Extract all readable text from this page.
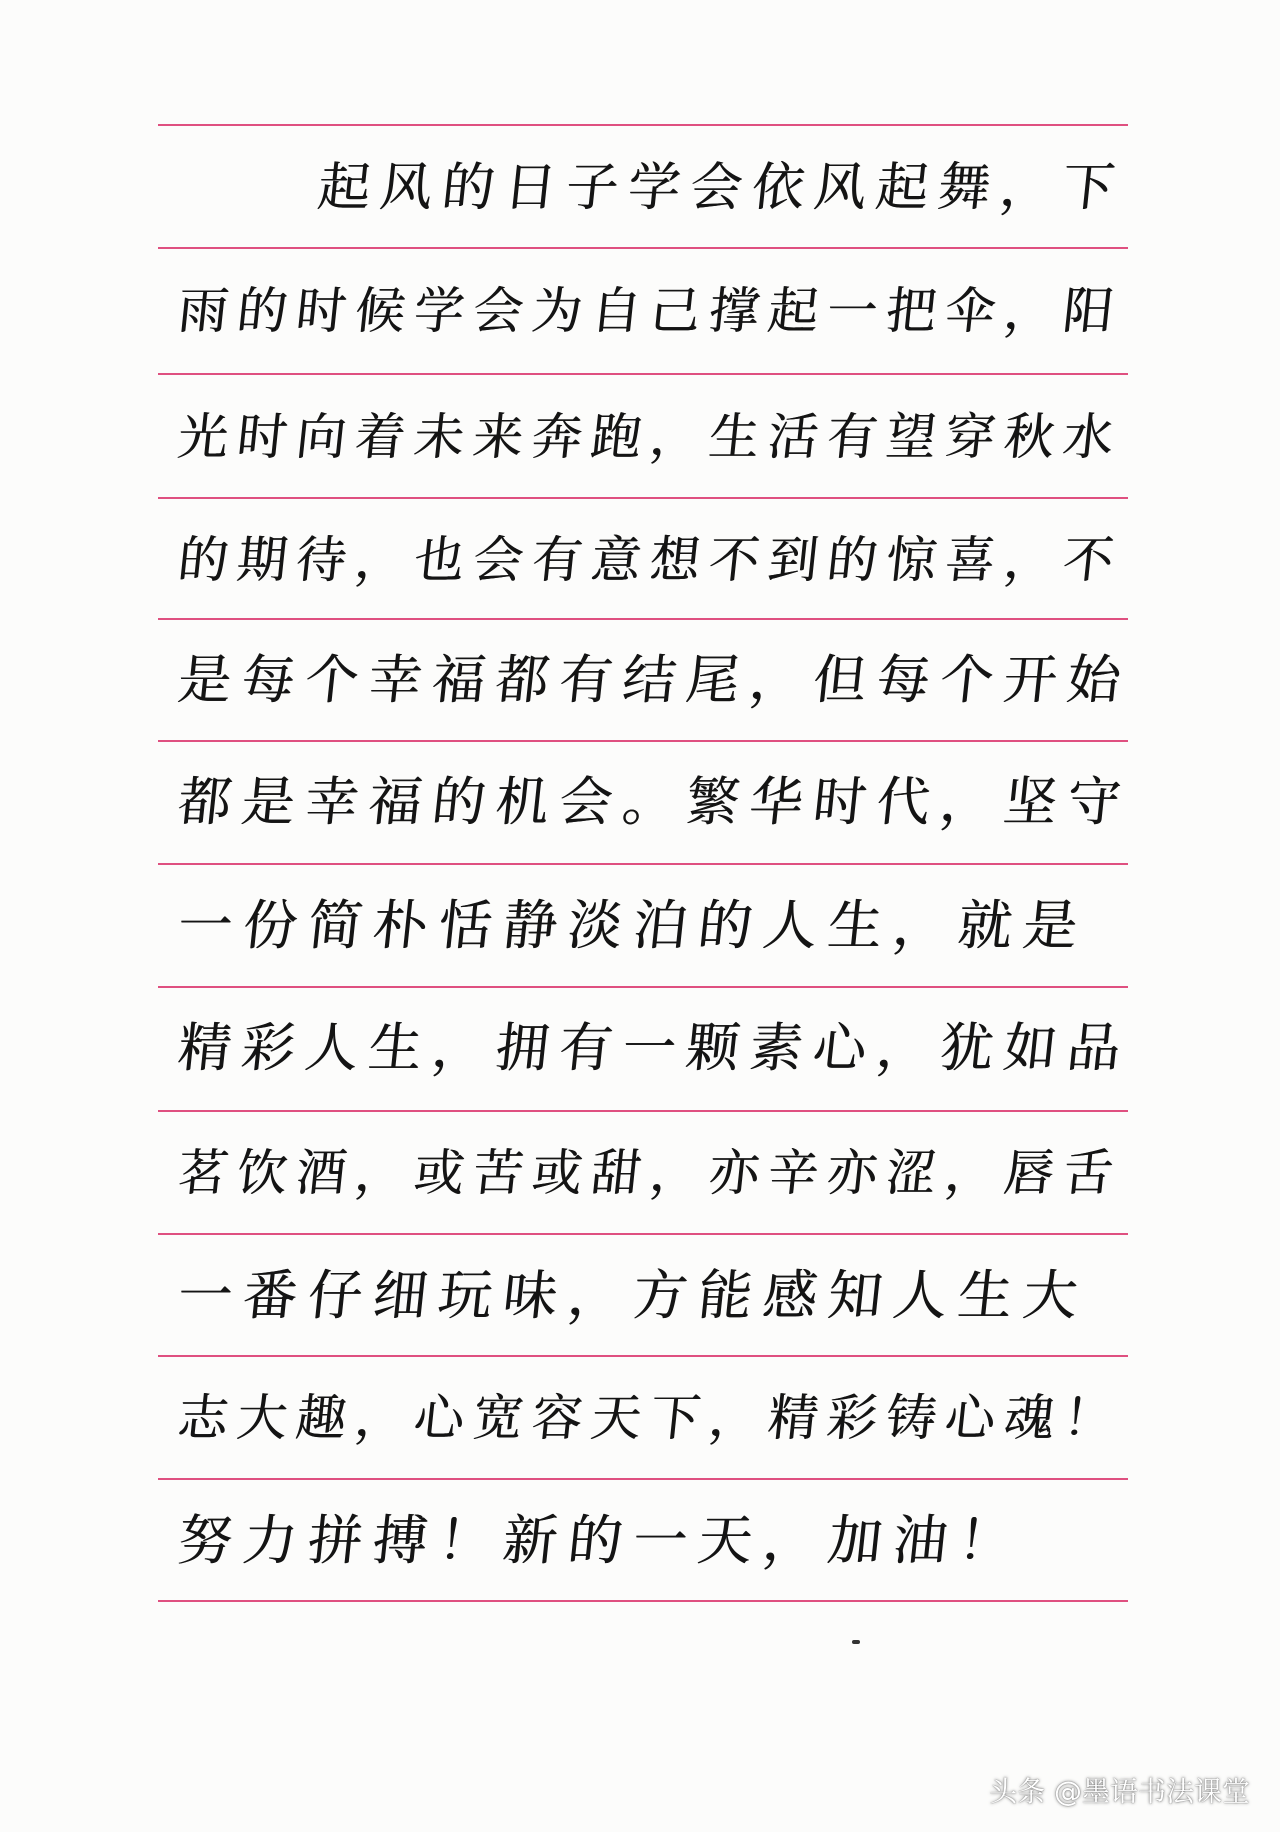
起风的日子学会依风起舞，下
雨的时候学会为自己撑起一把伞，阳
光时向着未来奔跑，生活有望穿秋水
的期待，也会有意想不到的惊喜，不
是每个幸福都有结尾，但每个开始
都是幸福的机会。繁华时代，坚守
一份简朴恬静淡泊的人生，就是
精彩人生，拥有一颗素心，犹如品
茗饮酒，或苦或甜，亦辛亦涩，唇舌
一番仔细玩味，方能感知人生大
志大趣，心宽容天下，精彩铸心魂！
努力拼搏！新的一天，加油！
头条 @墨语书法课堂
